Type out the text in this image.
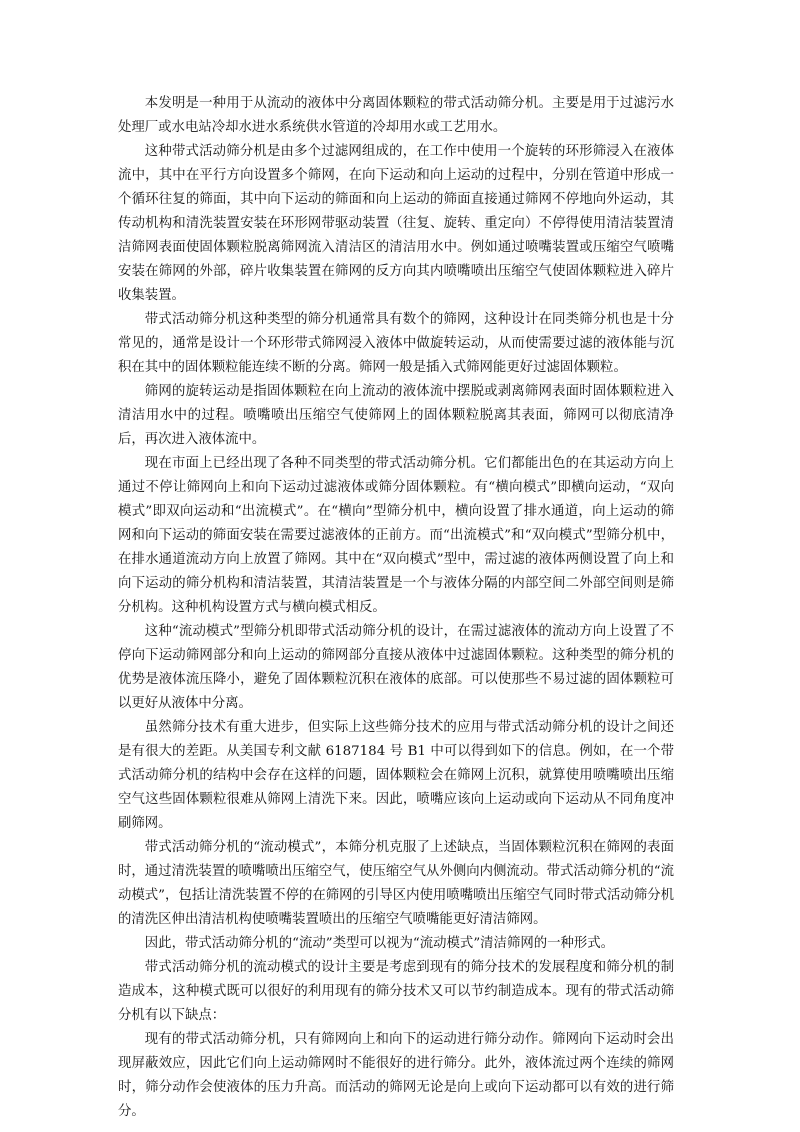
本发明是一种用于从流动的液体中分离固体颗粒的带式活动筛分机。主要是用于过滤污水处理厂或水电站冷却水进水系统供水管道的冷却用水或工艺用水。

这种带式活动筛分机是由多个过滤网组成的，在工作中使用一个旋转的环形筛浸入在液体流中，其中在平行方向设置多个筛网，在向下运动和向上运动的过程中，分别在管道中形成一个循环往复的筛面，其中向下运动的筛面和向上运动的筛面直接通过筛网不停地向外运动，其传动机构和清洗装置安装在环形网带驱动装置（往复、旋转、重定向）不停得使用清洁装置清洁筛网表面使固体颗粒脱离筛网流入清洁区的清洁用水中。例如通过喷嘴装置或压缩空气喷嘴安装在筛网的外部，碎片收集装置在筛网的反方向其内喷嘴喷出压缩空气使固体颗粒进入碎片收集装置。

带式活动筛分机这种类型的筛分机通常具有数个的筛网，这种设计在同类筛分机也是十分常见的，通常是设计一个环形带式筛网浸入液体中做旋转运动，从而使需要过滤的液体能与沉积在其中的固体颗粒能连续不断的分离。筛网一般是插入式筛网能更好过滤固体颗粒。

筛网的旋转运动是指固体颗粒在向上流动的液体流中摆脱或剥离筛网表面时固体颗粒进入清洁用水中的过程。喷嘴喷出压缩空气使筛网上的固体颗粒脱离其表面，筛网可以彻底清净后，再次进入液体流中。

现在市面上已经出现了各种不同类型的带式活动筛分机。它们都能出色的在其运动方向上通过不停让筛网向上和向下运动过滤液体或筛分固体颗粒。有“横向模式”即横向运动，“双向模式”即双向运动和“出流模式”。在“横向”型筛分机中，横向设置了排水通道，向上运动的筛网和向下运动的筛面安装在需要过滤液体的正前方。而“出流模式”和“双向模式”型筛分机中，在排水通道流动方向上放置了筛网。其中在“双向模式”型中，需过滤的液体两侧设置了向上和向下运动的筛分机构和清洁装置，其清洁装置是一个与液体分隔的内部空间二外部空间则是筛分机构。这种机构设置方式与横向模式相反。

这种“流动模式”型筛分机即带式活动筛分机的设计，在需过滤液体的流动方向上设置了不停向下运动筛网部分和向上运动的筛网部分直接从液体中过滤固体颗粒。这种类型的筛分机的优势是液体流压降小，避免了固体颗粒沉积在液体的底部。可以使那些不易过滤的固体颗粒可以更好从液体中分离。

虽然筛分技术有重大进步，但实际上这些筛分技术的应用与带式活动筛分机的设计之间还是有很大的差距。从美国专利文献 6187184 号 B1 中可以得到如下的信息。例如，在一个带式活动筛分机的结构中会存在这样的问题，固体颗粒会在筛网上沉积，就算使用喷嘴喷出压缩空气这些固体颗粒很难从筛网上清洗下来。因此，喷嘴应该向上运动或向下运动从不同角度冲刷筛网。

带式活动筛分机的“流动模式”，本筛分机克服了上述缺点，当固体颗粒沉积在筛网的表面时，通过清洗装置的喷嘴喷出压缩空气，使压缩空气从外侧向内侧流动。带式活动筛分机的“流动模式”，包括让清洗装置不停的在筛网的引导区内使用喷嘴喷出压缩空气同时带式活动筛分机的清洗区伸出清洁机构使喷嘴装置喷出的压缩空气喷嘴能更好清洁筛网。

因此，带式活动筛分机的“流动”类型可以视为“流动模式”清洁筛网的一种形式。

带式活动筛分机的流动模式的设计主要是考虑到现有的筛分技术的发展程度和筛分机的制造成本，这种模式既可以很好的利用现有的筛分技术又可以节约制造成本。现有的带式活动筛分机有以下缺点：

现有的带式活动筛分机，只有筛网向上和向下的运动进行筛分动作。筛网向下运动时会出现屏蔽效应，因此它们向上运动筛网时不能很好的进行筛分。此外，液体流过两个连续的筛网时，筛分动作会使液体的压力升高。而活动的筛网无论是向上或向下运动都可以有效的进行筛分。
